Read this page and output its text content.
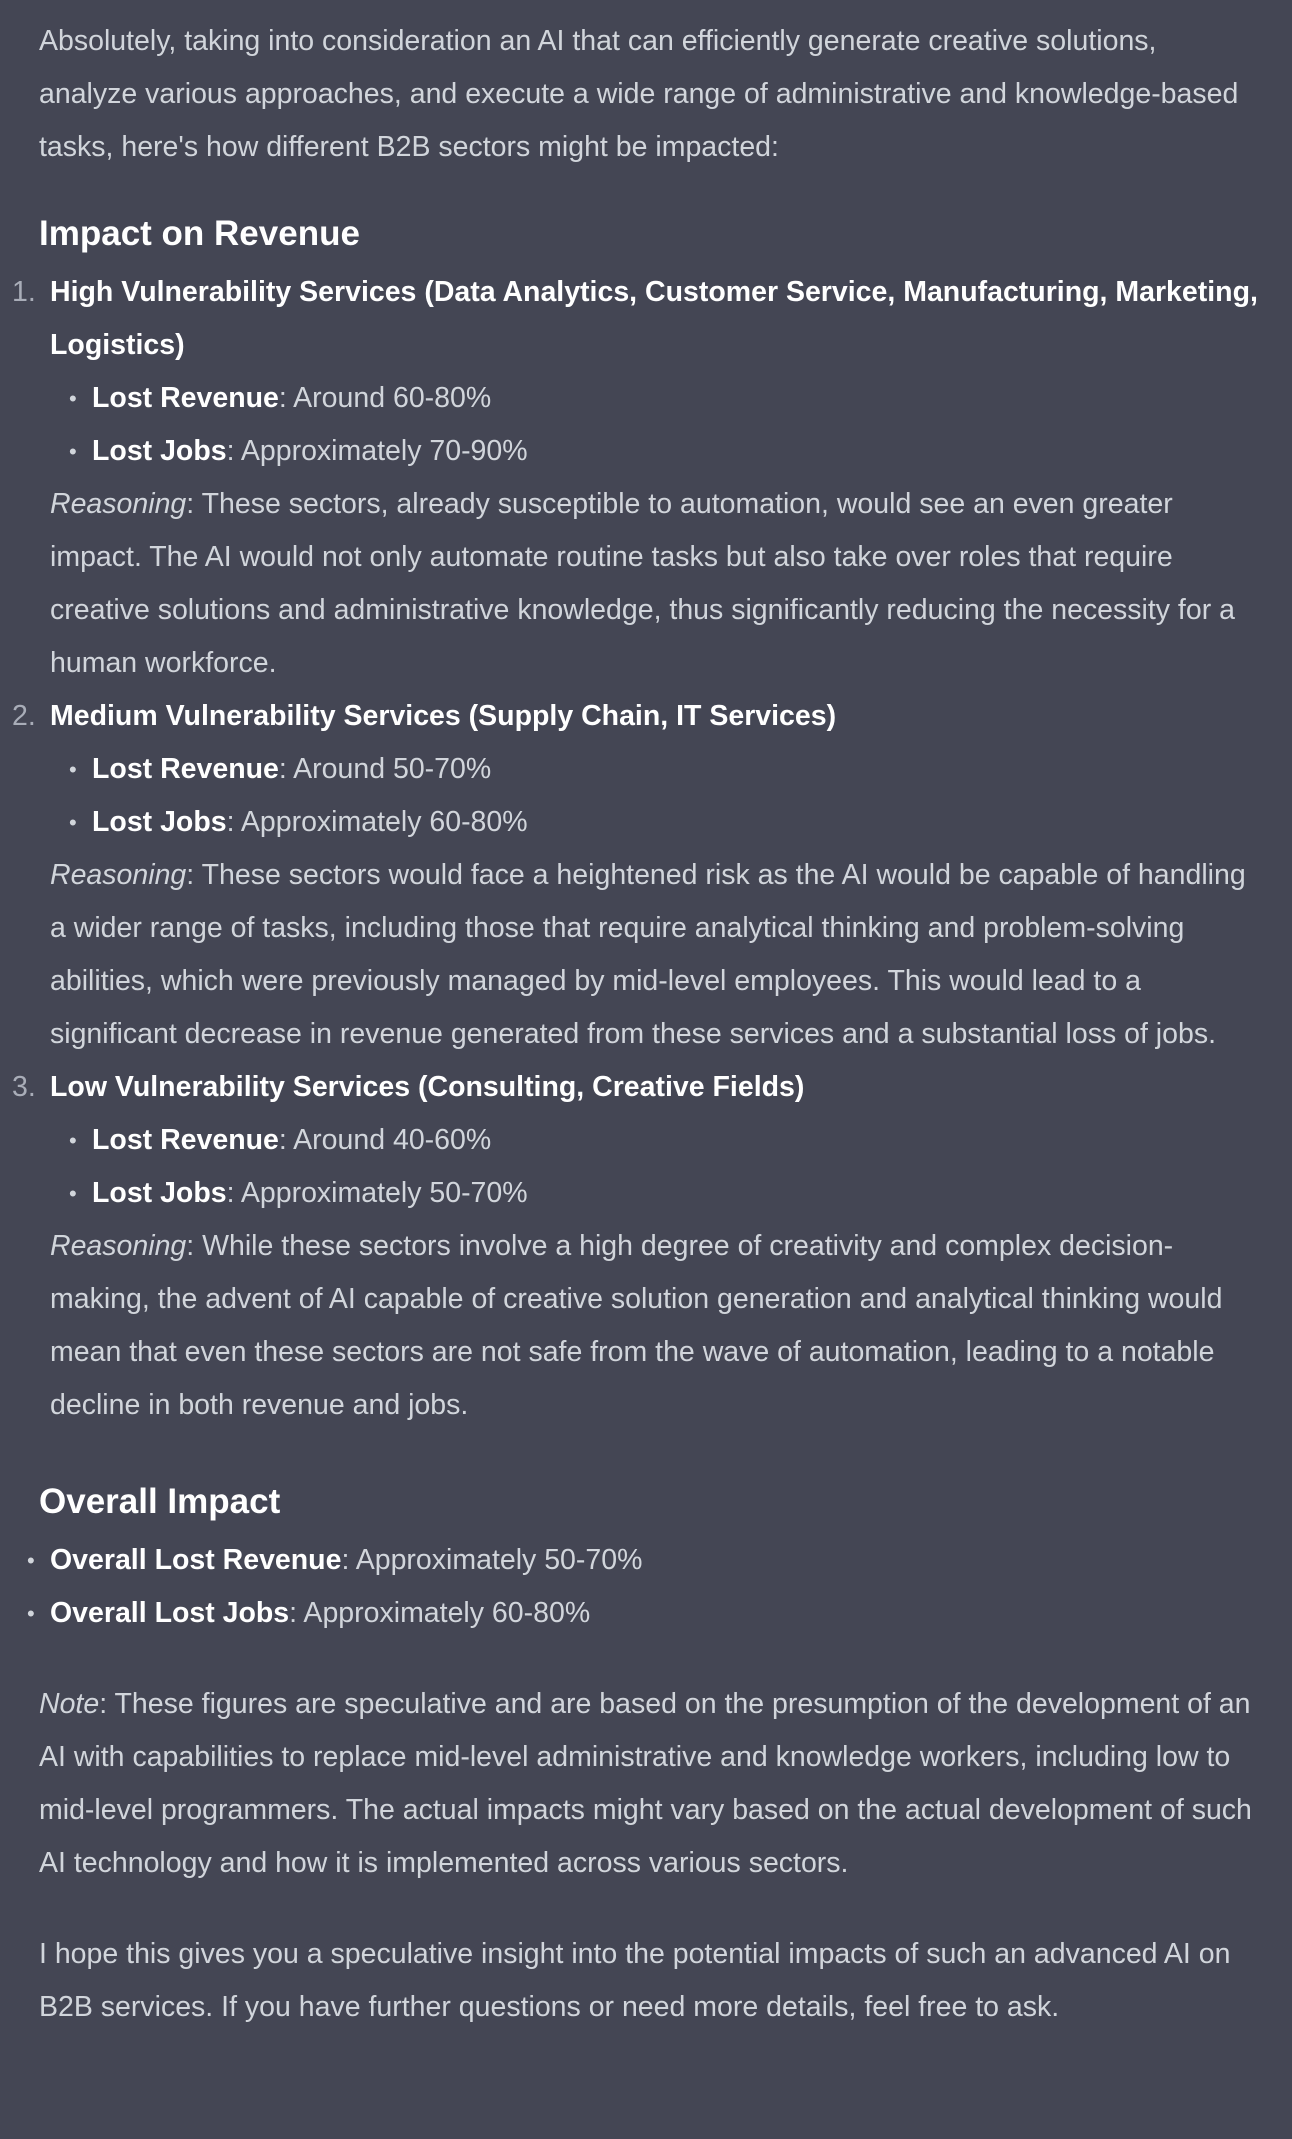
Absolutely, taking into consideration an AI that can efficiently generate creative solutions, analyze various approaches, and execute a wide range of administrative and knowledge-based tasks, here's how different B2B sectors might be impacted:

Impact on Revenue
1. High Vulnerability Services (Data Analytics, Customer Service, Manufacturing, Marketing, Logistics)
• Lost Revenue: Around 60-80%
• Lost Jobs: Approximately 70-90%
Reasoning: These sectors, already susceptible to automation, would see an even greater impact. The AI would not only automate routine tasks but also take over roles that require creative solutions and administrative knowledge, thus significantly reducing the necessity for a human workforce.
2. Medium Vulnerability Services (Supply Chain, IT Services)
• Lost Revenue: Around 50-70%
• Lost Jobs: Approximately 60-80%
Reasoning: These sectors would face a heightened risk as the AI would be capable of handling a wider range of tasks, including those that require analytical thinking and problem-solving abilities, which were previously managed by mid-level employees. This would lead to a significant decrease in revenue generated from these services and a substantial loss of jobs.
3. Low Vulnerability Services (Consulting, Creative Fields)
• Lost Revenue: Around 40-60%
• Lost Jobs: Approximately 50-70%
Reasoning: While these sectors involve a high degree of creativity and complex decision-making, the advent of AI capable of creative solution generation and analytical thinking would mean that even these sectors are not safe from the wave of automation, leading to a notable decline in both revenue and jobs.
Overall Impact
• Overall Lost Revenue: Approximately 50-70%
• Overall Lost Jobs: Approximately 60-80%

Note: These figures are speculative and are based on the presumption of the development of an AI with capabilities to replace mid-level administrative and knowledge workers, including low to mid-level programmers. The actual impacts might vary based on the actual development of such AI technology and how it is implemented across various sectors.

I hope this gives you a speculative insight into the potential impacts of such an advanced AI on B2B services. If you have further questions or need more details, feel free to ask.
